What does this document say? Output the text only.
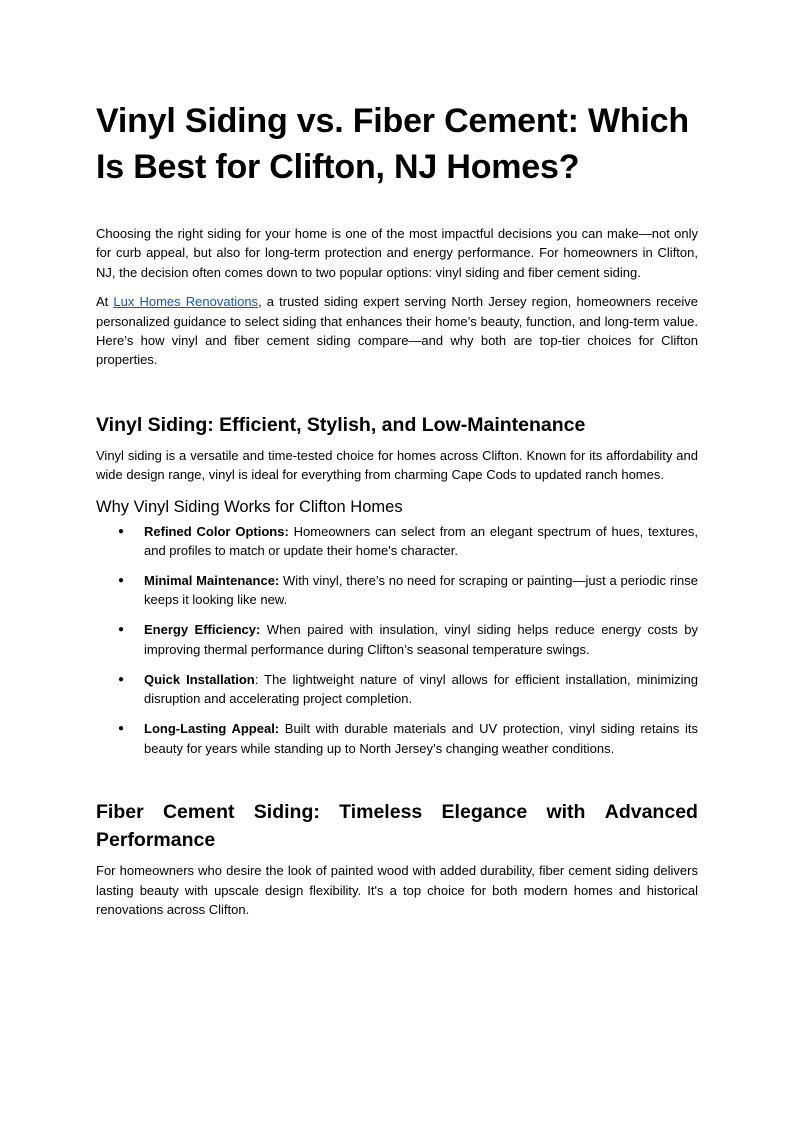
Vinyl Siding vs. Fiber Cement: Which Is Best for Clifton, NJ Homes?

Choosing the right siding for your home is one of the most impactful decisions you can make—not only for curb appeal, but also for long-term protection and energy performance. For homeowners in Clifton, NJ, the decision often comes down to two popular options: vinyl siding and fiber cement siding.

At Lux Homes Renovations, a trusted siding expert serving North Jersey region, homeowners receive personalized guidance to select siding that enhances their home’s beauty, function, and long-term value. Here’s how vinyl and fiber cement siding compare—and why both are top-tier choices for Clifton properties.

Vinyl Siding: Efficient, Stylish, and Low-Maintenance

Vinyl siding is a versatile and time-tested choice for homes across Clifton. Known for its affordability and wide design range, vinyl is ideal for everything from charming Cape Cods to updated ranch homes.

Why Vinyl Siding Works for Clifton Homes
● Refined Color Options: Homeowners can select from an elegant spectrum of hues, textures, and profiles to match or update their home's character.
● Minimal Maintenance: With vinyl, there’s no need for scraping or painting—just a periodic rinse keeps it looking like new.
● Energy Efficiency: When paired with insulation, vinyl siding helps reduce energy costs by improving thermal performance during Clifton’s seasonal temperature swings.
● Quick Installation: The lightweight nature of vinyl allows for efficient installation, minimizing disruption and accelerating project completion.
● Long-Lasting Appeal: Built with durable materials and UV protection, vinyl siding retains its beauty for years while standing up to North Jersey’s changing weather conditions.
Fiber Cement Siding: Timeless Elegance with Advanced
Performance

For homeowners who desire the look of painted wood with added durability, fiber cement siding delivers lasting beauty with upscale design flexibility. It's a top choice for both modern homes and historical renovations across Clifton.
